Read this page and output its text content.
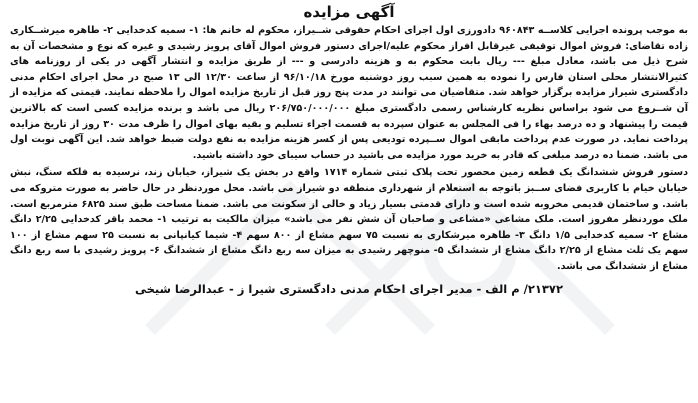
آگهی مزایده

به موجب پرونده اجرایی کلاســه ۹۶۰۸۴۳ دادورزی اول اجرای احکام حقوقی شــیراز، محکوم له خانم ها: ۱- سمیه کدخدایی ۲- طاهره میرشــکاری زاده تقاضای: فروش اموال توقیفی غیرقابل افراز محکوم علیه/اجرای دستور فروش اموال آقای پرویز رشیدی و غیره که نوع و مشخصات آن به شرح ذیل می باشد، معادل مبلغ --- ریال بابت محکوم به و هزینه دادرسی و --- از طریق مزایده و انتشار آگهی در یکی از روزنامه های کثیرالانتشار محلی استان فارس را نموده به همین سبب روز دوشنبه مورخ ۹۶/۱۰/۱۸ از ساعت ۱۲/۳۰ الی ۱۳ صبح در محل اجرای احکام مدنی دادگستری شیراز مزایده برگزار خواهد شد. متقاضیان می توانند در مدت پنج روز قبل از تاریخ مزایده اموال را ملاحظه نمایند. قیمتی که مزایده از آن شــروع می شود براساس نظریه کارشناس رسمی دادگستری مبلغ ۲۰۶/۷۵۰/۰۰۰/۰۰۰ ریال می باشد و برنده مزایده کسی است که بالاترین قیمت را پیشنهاد و ده درصد بهاء را فی المجلس به عنوان سپرده به قسمت اجراء تسلیم و بقیه بهای اموال را ظرف مدت ۳۰ روز از تاریخ مزایده پرداخت نماید. در صورت عدم پرداخت مابقی اموال ســپرده تودیعی پس از کسر هزینه مزایده به نفع دولت ضبط خواهد شد. این آگهی نوبت اول می باشد. ضمنا ده درصد مبلغی که قادر به خرید مورد مزایده می باشید در حساب سیبای خود داشته باشید.

دستور فروش ششدانگ یک قطعه زمین محصور تحت پلاک ثبتی شماره ۱۷۱۴ واقع در بخش یک شیراز، خیابان زند، نرسیده به فلکه سنگ، نبش خیابان خیام با کاربری فضای ســبز باتوجه به استعلام از شهرداری منطقه دو شیراز می باشد. محل موردنظر در حال حاضر به صورت متروکه می باشد. و ساختمان قدیمی مخروبه شده است و دارای قدمتی بسیار زیاد و خالی از سکونت می باشد. ضمنا مساحت طبق سند ۶۸۲۵ مترمربع است. ملک موردنظر مفروز است. ملک مشاعی «مشاعی و صاحبان آن شش نفر می باشد» میزان مالکیت به ترتیب ۱- محمد باقر کدخدایی ۲/۲۵ دانگ مشاع ۲- سمیه کدخدایی ۱/۵ دانگ ۳- طاهره میرشکاری به نسبت ۷۵ سهم مشاع از ۸۰۰ سهم ۴- شیما کیانپانی به نسبت ۲۵ سهم مشاع از ۱۰۰ سهم یک ثلث مشاع از ۲/۲۵ دانگ مشاع از ششدانگ ۵- منوچهر رشیدی به میزان سه ربع دانگ مشاع از ششدانگ ۶- پرویز رشیدی با سه ربع دانگ مشاع از ششدانگ می باشد.

۲۱۳۷۲/ م الف - مدیر اجرای احکام مدنی دادگستری شیرا ز - عبدالرضا شیخی
